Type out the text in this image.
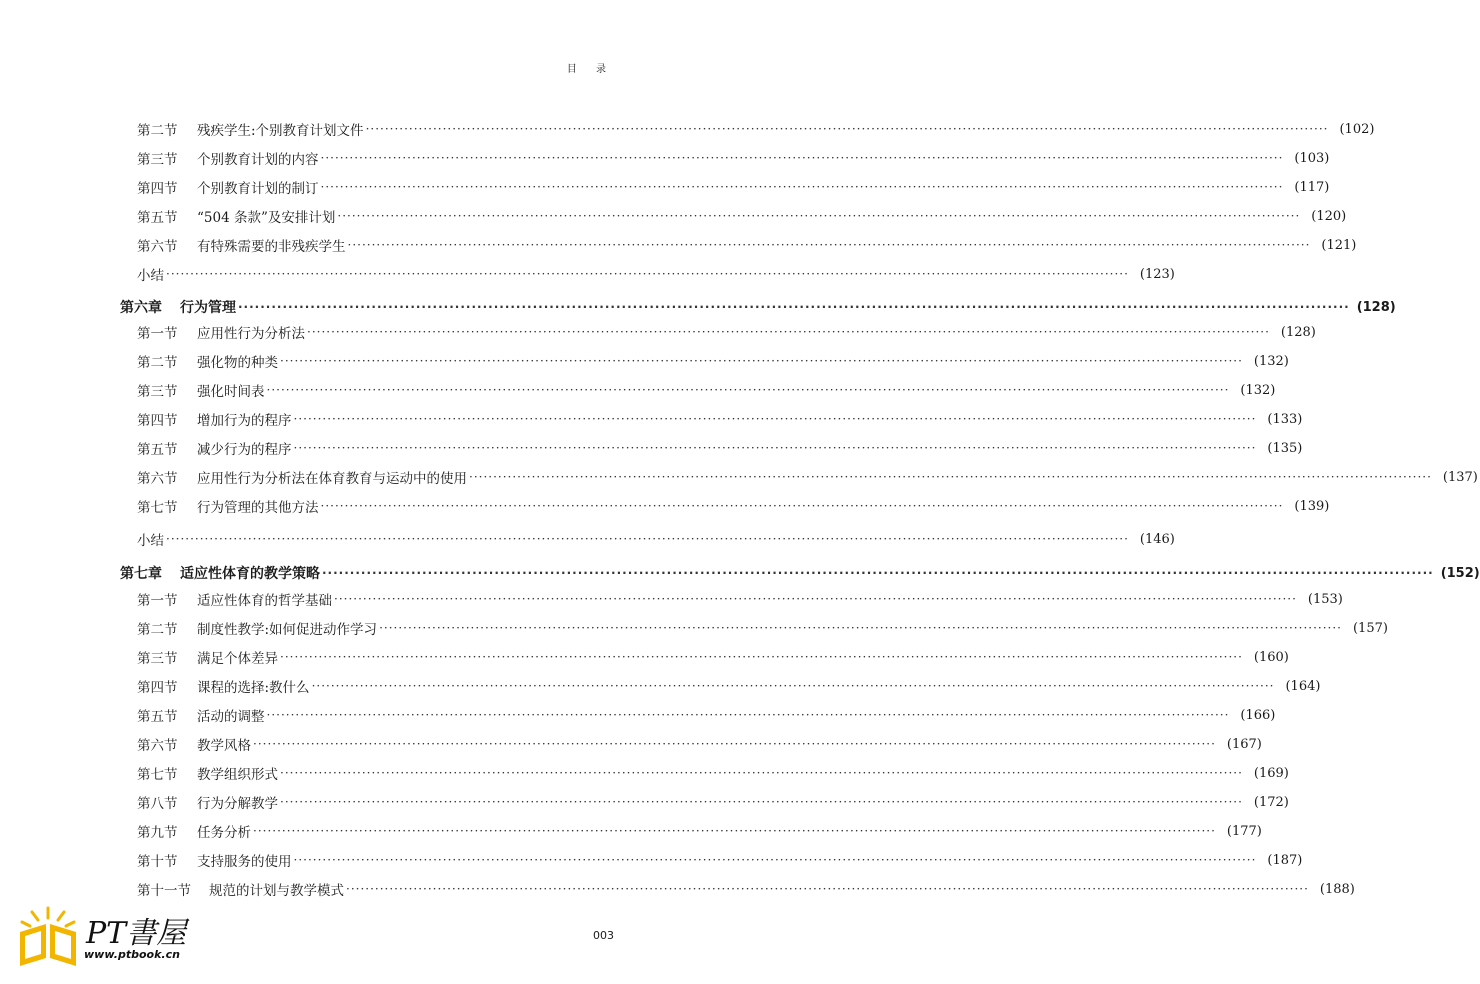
目 录
第二节 残疾学生:个别教育计划文件 ········································································································································································································ (102)
第三节 个别教育计划的内容 ········································································································································································································ (103)
第四节 个别教育计划的制订 ········································································································································································································ (117)
第五节 “504 条款”及安排计划 ········································································································································································································ (120)
第六节 有特殊需要的非残疾学生 ········································································································································································································ (121)
小结 ········································································································································································································ (123)
第六章 行为管理 ········································································································································································································ (128)
第一节 应用性行为分析法 ········································································································································································································ (128)
第二节 强化物的种类 ········································································································································································································ (132)
第三节 强化时间表 ········································································································································································································ (132)
第四节 增加行为的程序 ········································································································································································································ (133)
第五节 减少行为的程序 ········································································································································································································ (135)
第六节 应用性行为分析法在体育教育与运动中的使用 ········································································································································································································ (137)
第七节 行为管理的其他方法 ········································································································································································································ (139)
小结 ········································································································································································································ (146)
第七章 适应性体育的教学策略 ········································································································································································································ (152)
第一节 适应性体育的哲学基础 ········································································································································································································ (153)
第二节 制度性教学:如何促进动作学习 ········································································································································································································ (157)
第三节 满足个体差异 ········································································································································································································ (160)
第四节 课程的选择:教什么 ········································································································································································································ (164)
第五节 活动的调整 ········································································································································································································ (166)
第六节 教学风格 ········································································································································································································ (167)
第七节 教学组织形式 ········································································································································································································ (169)
第八节 行为分解教学 ········································································································································································································ (172)
第九节 任务分析 ········································································································································································································ (177)
第十节 支持服务的使用 ········································································································································································································ (187)
第十一节 规范的计划与教学模式 ········································································································································································································ (188)
PT書屋
www.ptbook.cn
003
